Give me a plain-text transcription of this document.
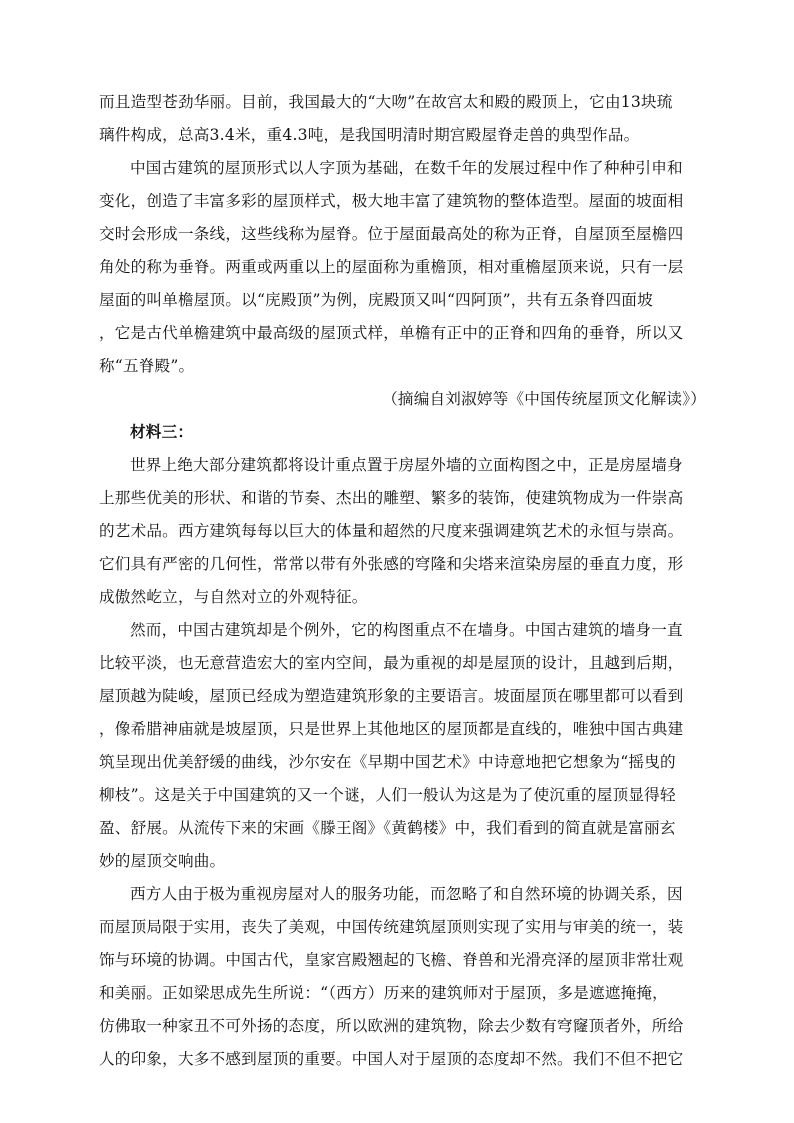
而且造型苍劲华丽。目前，我国最大的“大吻”在故宫太和殿的殿顶上，它由13块琉
璃件构成，总高3.4米，重4.3吨，是我国明清时期宫殿屋脊走兽的典型作品。
中国古建筑的屋顶形式以人字顶为基础，在数千年的发展过程中作了种种引申和
变化，创造了丰富多彩的屋顶样式，极大地丰富了建筑物的整体造型。屋面的坡面相
交时会形成一条线，这些线称为屋脊。位于屋面最高处的称为正脊，自屋顶至屋檐四
角处的称为垂脊。两重或两重以上的屋面称为重檐顶，相对重檐屋顶来说，只有一层
屋面的叫单檐屋顶。以“庑殿顶”为例，庑殿顶又叫“四阿顶”，共有五条脊四面坡
，它是古代单檐建筑中最高级的屋顶式样，单檐有正中的正脊和四角的垂脊，所以又
称“五脊殿”。
（摘编自刘淑婷等《中国传统屋顶文化解读》）
材料三：
世界上绝大部分建筑都将设计重点置于房屋外墙的立面构图之中，正是房屋墙身
上那些优美的形状、和谐的节奏、杰出的雕塑、繁多的装饰，使建筑物成为一件崇高
的艺术品。西方建筑每每以巨大的体量和超然的尺度来强调建筑艺术的永恒与崇高。
它们具有严密的几何性，常常以带有外张感的穹隆和尖塔来渲染房屋的垂直力度，形
成傲然屹立，与自然对立的外观特征。
然而，中国古建筑却是个例外，它的构图重点不在墙身。中国古建筑的墙身一直
比较平淡，也无意营造宏大的室内空间，最为重视的却是屋顶的设计，且越到后期，
屋顶越为陡峻，屋顶已经成为塑造建筑形象的主要语言。坡面屋顶在哪里都可以看到
，像希腊神庙就是坡屋顶，只是世界上其他地区的屋顶都是直线的，唯独中国古典建
筑呈现出优美舒缓的曲线，沙尔安在《早期中国艺术》中诗意地把它想象为“摇曳的
柳枝”。这是关于中国建筑的又一个谜，人们一般认为这是为了使沉重的屋顶显得轻
盈、舒展。从流传下来的宋画《滕王阁》《黄鹤楼》中，我们看到的简直就是富丽玄
妙的屋顶交响曲。
西方人由于极为重视房屋对人的服务功能，而忽略了和自然环境的协调关系，因
而屋顶局限于实用，丧失了美观，中国传统建筑屋顶则实现了实用与审美的统一，装
饰与环境的协调。中国古代，皇家宫殿翘起的飞檐、脊兽和光滑亮泽的屋顶非常壮观
和美丽。正如梁思成先生所说：“（西方）历来的建筑师对于屋顶，多是遮遮掩掩，
仿佛取一种家丑不可外扬的态度，所以欧洲的建筑物，除去少数有穹窿顶者外，所给
人的印象，大多不感到屋顶的重要。中国人对于屋顶的态度却不然。我们不但不把它
